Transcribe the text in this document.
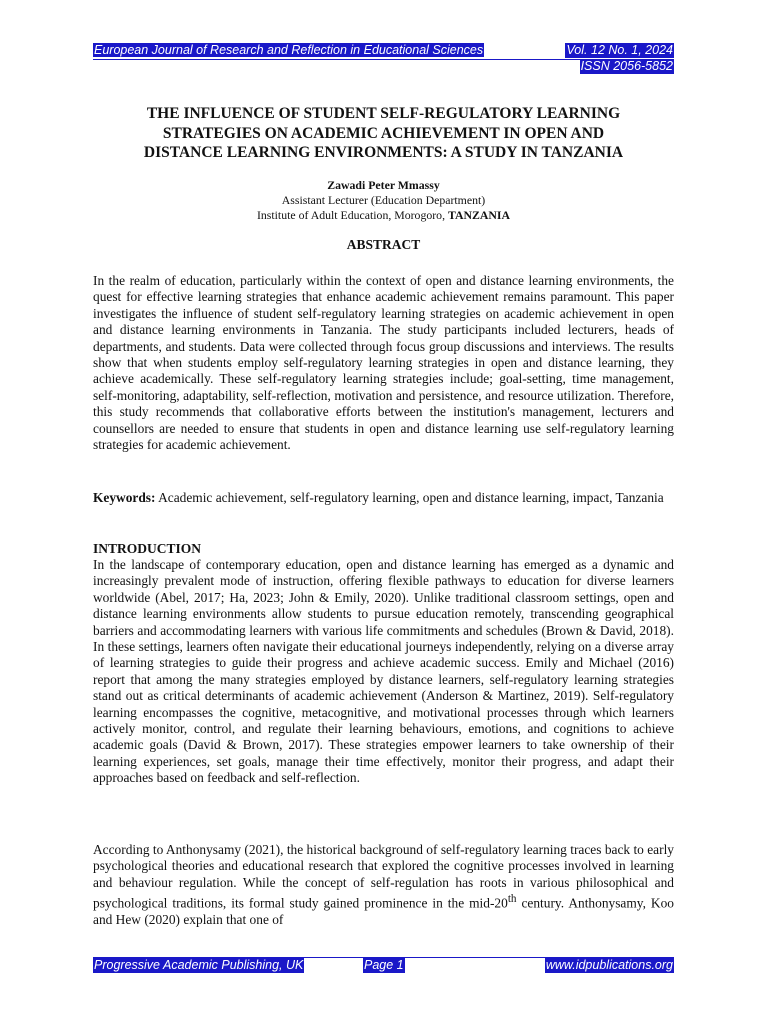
European Journal of Research and Reflection in Educational Sciences	Vol. 12 No. 1, 2024
ISSN 2056-5852
THE INFLUENCE OF STUDENT SELF-REGULATORY LEARNING
STRATEGIES ON ACADEMIC ACHIEVEMENT IN OPEN AND
DISTANCE LEARNING ENVIRONMENTS: A STUDY IN TANZANIA
Zawadi Peter Mmassy
Assistant Lecturer (Education Department)
Institute of Adult Education, Morogoro, TANZANIA
ABSTRACT

In the realm of education, particularly within the context of open and distance learning environments, the quest for effective learning strategies that enhance academic achievement remains paramount. This paper investigates the influence of student self-regulatory learning strategies on academic achievement in open and distance learning environments in Tanzania. The study participants included lecturers, heads of departments, and students. Data were collected through focus group discussions and interviews. The results show that when students employ self-regulatory learning strategies in open and distance learning, they achieve academically. These self-regulatory learning strategies include; goal-setting, time management, self-monitoring, adaptability, self-reflection, motivation and persistence, and resource utilization. Therefore, this study recommends that collaborative efforts between the institution's management, lecturers and counsellors are needed to ensure that students in open and distance learning use self-regulatory learning strategies for academic achievement.

Keywords: Academic achievement, self-regulatory learning, open and distance learning, impact, Tanzania

INTRODUCTION

In the landscape of contemporary education, open and distance learning has emerged as a dynamic and increasingly prevalent mode of instruction, offering flexible pathways to education for diverse learners worldwide (Abel, 2017; Ha, 2023; John & Emily, 2020). Unlike traditional classroom settings, open and distance learning environments allow students to pursue education remotely, transcending geographical barriers and accommodating learners with various life commitments and schedules (Brown & David, 2018). In these settings, learners often navigate their educational journeys independently, relying on a diverse array of learning strategies to guide their progress and achieve academic success. Emily and Michael (2016) report that among the many strategies employed by distance learners, self-regulatory learning strategies stand out as critical determinants of academic achievement (Anderson & Martinez, 2019). Self-regulatory learning encompasses the cognitive, metacognitive, and motivational processes through which learners actively monitor, control, and regulate their learning behaviours, emotions, and cognitions to achieve academic goals (David & Brown, 2017). These strategies empower learners to take ownership of their learning experiences, set goals, manage their time effectively, monitor their progress, and adapt their approaches based on feedback and self-reflection.

According to Anthonysamy (2021), the historical background of self-regulatory learning traces back to early psychological theories and educational research that explored the cognitive processes involved in learning and behaviour regulation. While the concept of self-regulation has roots in various philosophical and psychological traditions, its formal study gained prominence in the mid-20th century. Anthonysamy, Koo and Hew (2020) explain that one of

Progressive Academic Publishing, UK	Page 1	www.idpublications.org
